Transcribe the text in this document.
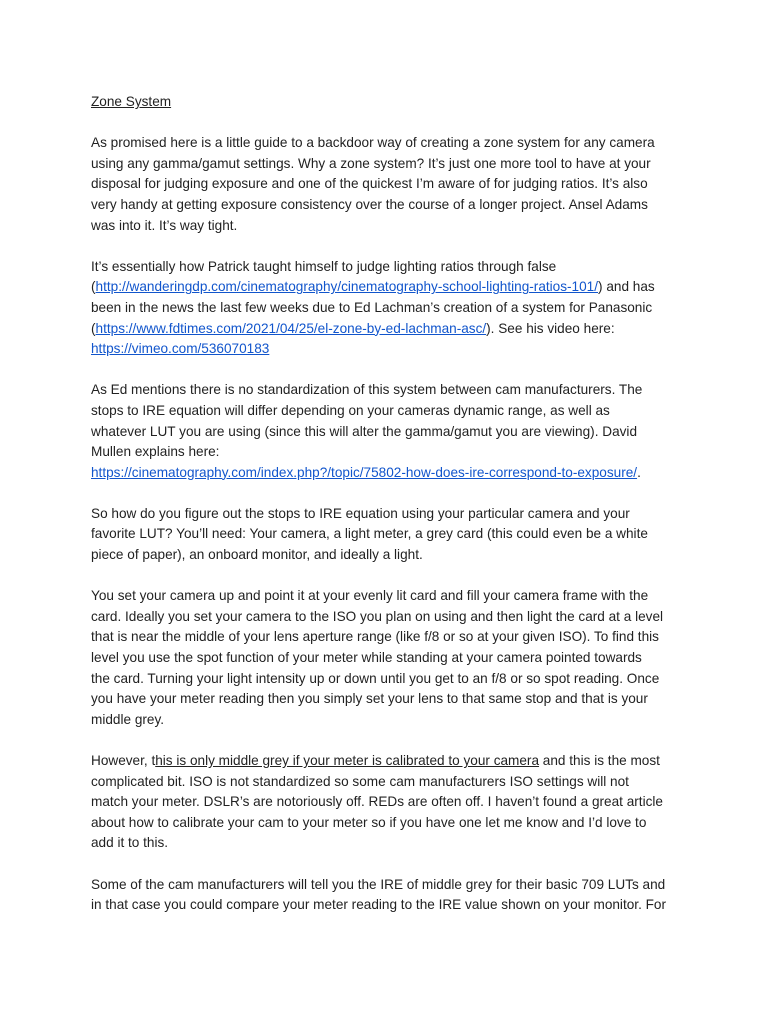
Zone System
As promised here is a little guide to a backdoor way of creating a zone system for any camera
using any gamma/gamut settings. Why a zone system? It’s just one more tool to have at your
disposal for judging exposure and one of the quickest I’m aware of for judging ratios. It’s also
very handy at getting exposure consistency over the course of a longer project. Ansel Adams
was into it. It’s way tight.
It’s essentially how Patrick taught himself to judge lighting ratios through false
(http://wanderingdp.com/cinematography/cinematography-school-lighting-ratios-101/) and has
been in the news the last few weeks due to Ed Lachman’s creation of a system for Panasonic
(https://www.fdtimes.com/2021/04/25/el-zone-by-ed-lachman-asc/). See his video here:
https://vimeo.com/536070183
As Ed mentions there is no standardization of this system between cam manufacturers. The
stops to IRE equation will differ depending on your cameras dynamic range, as well as
whatever LUT you are using (since this will alter the gamma/gamut you are viewing). David
Mullen explains here:
https://cinematography.com/index.php?/topic/75802-how-does-ire-correspond-to-exposure/.
So how do you figure out the stops to IRE equation using your particular camera and your
favorite LUT? You’ll need: Your camera, a light meter, a grey card (this could even be a white
piece of paper), an onboard monitor, and ideally a light.
You set your camera up and point it at your evenly lit card and fill your camera frame with the
card. Ideally you set your camera to the ISO you plan on using and then light the card at a level
that is near the middle of your lens aperture range (like f/8 or so at your given ISO). To find this
level you use the spot function of your meter while standing at your camera pointed towards
the card. Turning your light intensity up or down until you get to an f/8 or so spot reading. Once
you have your meter reading then you simply set your lens to that same stop and that is your
middle grey.
However, this is only middle grey if your meter is calibrated to your camera and this is the most
complicated bit. ISO is not standardized so some cam manufacturers ISO settings will not
match your meter. DSLR’s are notoriously off. REDs are often off. I haven’t found a great article
about how to calibrate your cam to your meter so if you have one let me know and I’d love to
add it to this.
Some of the cam manufacturers will tell you the IRE of middle grey for their basic 709 LUTs and
in that case you could compare your meter reading to the IRE value shown on your monitor. For
